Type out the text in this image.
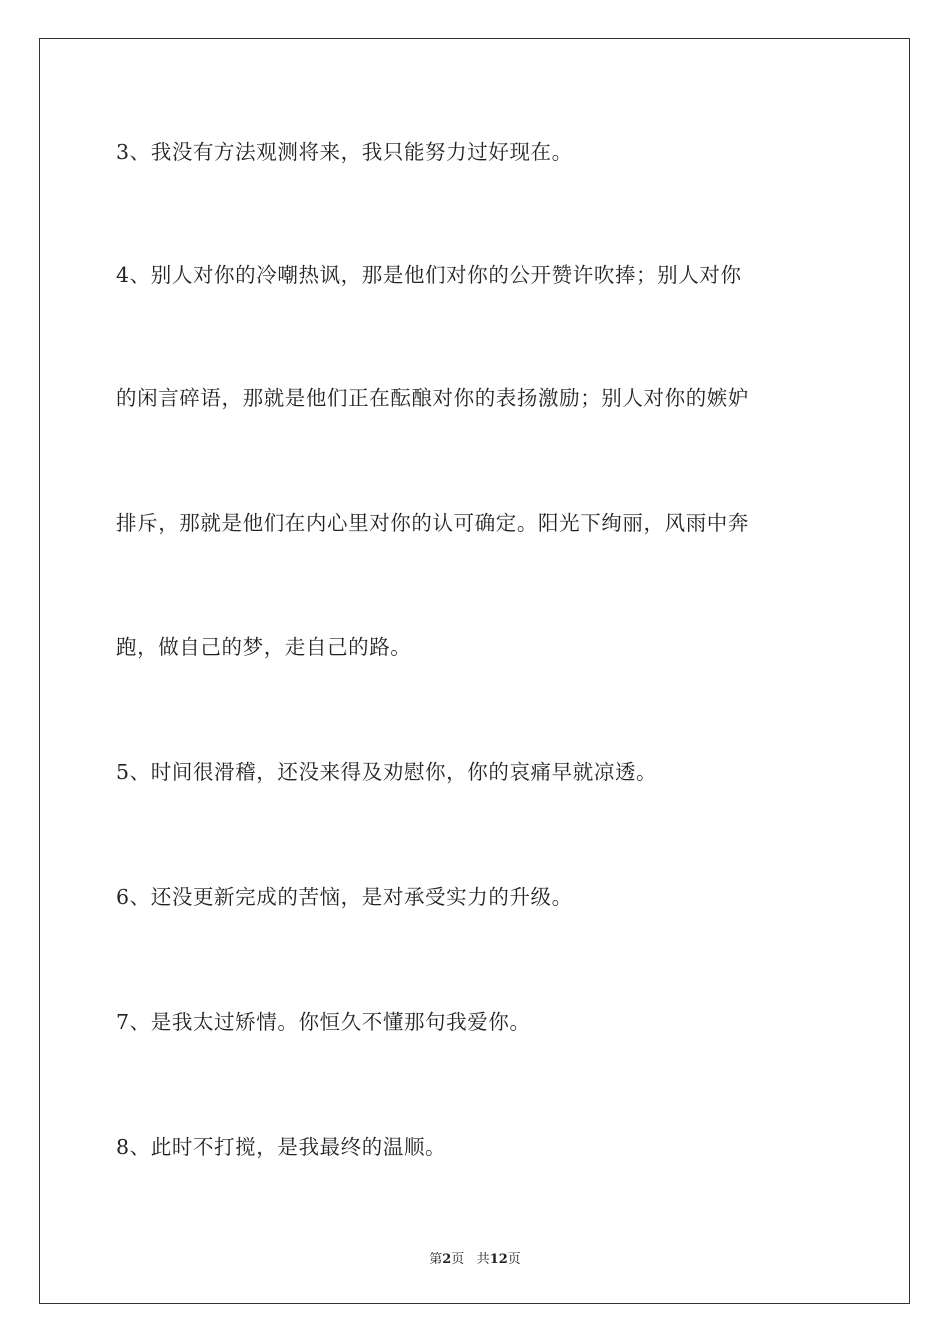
3、我没有方法观测将来，我只能努力过好现在。
4、别人对你的冷嘲热讽，那是他们对你的公开赞许吹捧；别人对你
的闲言碎语，那就是他们正在酝酿对你的表扬激励；别人对你的嫉妒
排斥，那就是他们在内心里对你的认可确定。阳光下绚丽，风雨中奔
跑，做自己的梦，走自己的路。
5、时间很滑稽，还没来得及劝慰你，你的哀痛早就凉透。
6、还没更新完成的苦恼，是对承受实力的升级。
7、是我太过矫情。你恒久不懂那句我爱你。
8、此时不打搅，是我最终的温顺。
第2页 共12页
